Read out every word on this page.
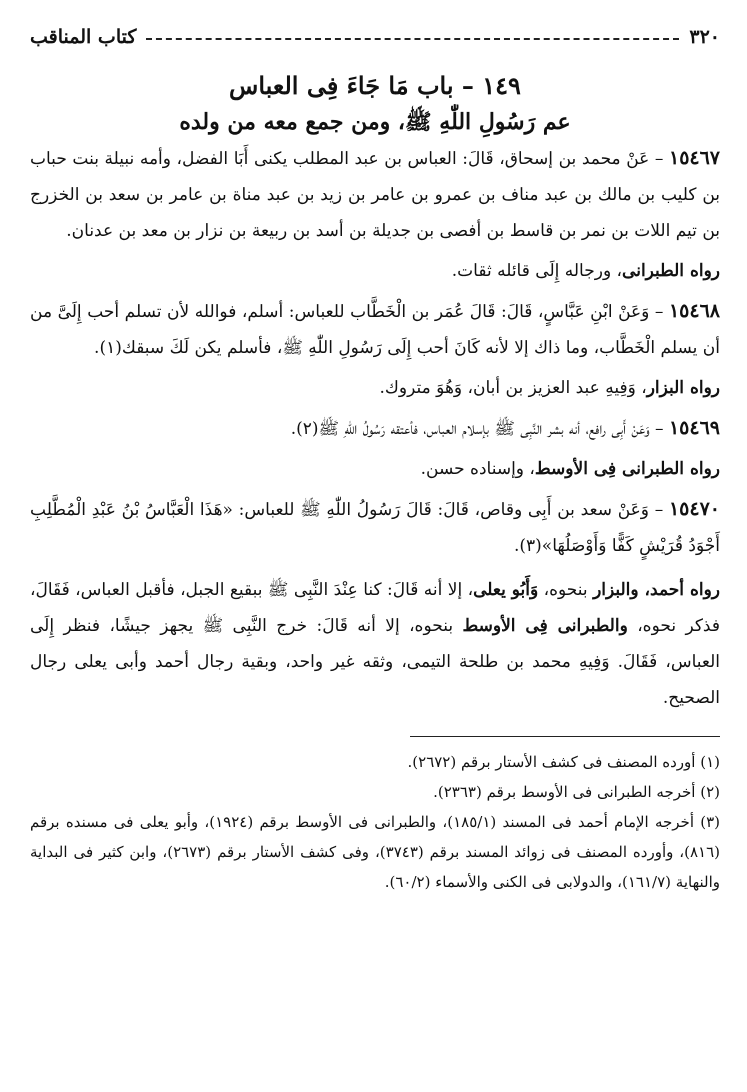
٣٢٠
كتاب المناقب
١٤٩ – باب مَا جَاءَ فِى العباس
عم رَسُولِ اللّٰهِ ﷺ، ومن جمع معه من ولده

١٥٤٦٧ – عَنْ محمد بن إسحاق، قَالَ: العباس بن عبد المطلب يكنى أَبَا الفضل، وأمه نبيلة بنت حباب بن كليب بن مالك بن عبد مناف بن عمرو بن عامر بن زيد بن عبد مناة بن عامر بن سعد بن الخزرج بن تيم اللات بن نمر بن قاسط بن أفصى بن جديلة بن أسد بن ربيعة بن نزار بن معد بن عدنان.

رواه الطبرانى، ورجاله إِلَى قائله ثقات.

١٥٤٦٨ – وَعَنْ ابْنِ عَبَّاسٍ، قَالَ: قَالَ عُمَر بن الْخَطَّاب للعباس: أسلم، فوالله لأن تسلم أحب إِلَىَّ من أن يسلم الْخَطَّاب، وما ذاك إلا لأنه كَانَ أحب إِلَى رَسُولِ اللّٰهِ ﷺ، فأسلم يكن لَكَ سبقك(١).

رواه البزار، وَفِيهِ عبد العزيز بن أبان، وَهُوَ متروك.

١٥٤٦٩ – وَعَنْ أَبِى رافع، أنه بشر النَّبِى ﷺ بإسلام العباس، فأعتقه رَسُولُ اللّٰهِ ﷺ(٢).

رواه الطبرانى فِى الأوسط، وإسناده حسن.

١٥٤٧٠ – وَعَنْ سعد بن أَبِى وقاص، قَالَ: قَالَ رَسُولُ اللّٰهِ ﷺ للعباس: «هَذَا الْعَبَّاسُ بْنُ عَبْدِ الْمُطَّلِبِ أَجْوَدُ قُرَيْشٍ كَفًّا وَأَوْصَلُهَا»(٣).

رواه أحمد، والبزار بنحوه، وَأَبُو يعلى، إلا أنه قَالَ: كنا عِنْدَ النَّبِى ﷺ ببقيع الجبل، فأقبل العباس، فَقَالَ، فذكر نحوه، والطبرانى فِى الأوسط بنحوه، إلا أنه قَالَ: خرج النَّبِى ﷺ يجهز جيشًا، فنظر إِلَى العباس، فَقَالَ. وَفِيهِ محمد بن طلحة التيمى، وثقه غير واحد، وبقية رجال أحمد وأبى يعلى رجال الصحيح.

(١) أورده المصنف فى كشف الأستار برقم (٢٦٧٢).

(٢) أخرجه الطبرانى فى الأوسط برقم (٢٣٦٣).

(٣) أخرجه الإمام أحمد فى المسند (١٨٥/١)، والطبرانى فى الأوسط برقم (١٩٢٤)، وأبو يعلى فى مسنده برقم (٨١٦)، وأورده المصنف فى زوائد المسند برقم (٣٧٤٣)، وفى كشف الأستار برقم (٢٦٧٣)، وابن كثير فى البداية والنهاية (١٦١/٧)، والدولابى فى الكنى والأسماء (٦٠/٢).
